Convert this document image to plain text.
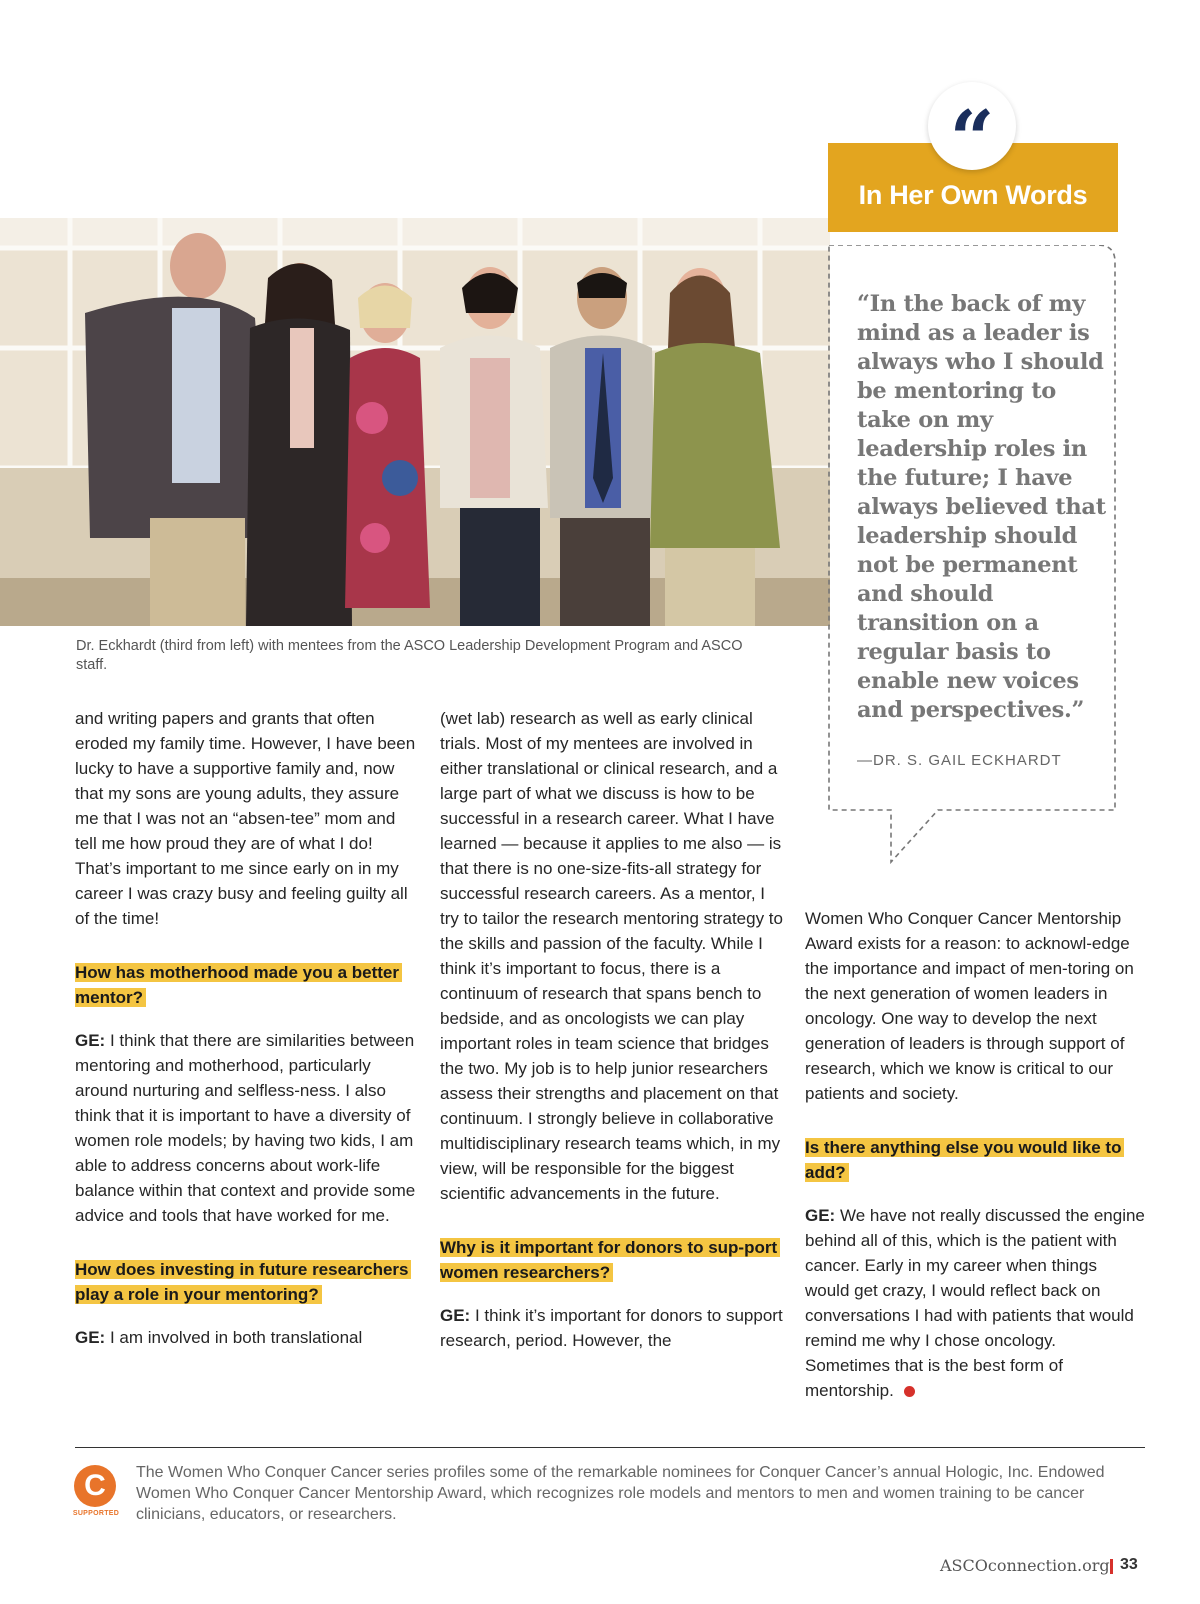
Dr. Eckhardt (third from left) with mentees from the ASCO Leadership Development Program and ASCO staff.
In Her Own Words
“
“In the back of my mind as a leader is always who I should be mentoring to take on my leadership roles in the future; I have always believed that leadership should not be permanent and should transition on a regular basis to enable new voices and perspectives.”
—DR. S. GAIL ECKHARDT

and writing papers and grants that often eroded my family time. However, I have been lucky to have a supportive family and, now that my sons are young adults, they assure me that I was not an “absen-tee” mom and tell me how proud they are of what I do! That’s important to me since early on in my career I was crazy busy and feeling guilty all of the time!

How has motherhood made you a better mentor?

GE: I think that there are similarities between mentoring and motherhood, particularly around nurturing and selfless-ness. I also think that it is important to have a diversity of women role models; by having two kids, I am able to address concerns about work-life balance within that context and provide some advice and tools that have worked for me.

How does investing in future researchers play a role in your mentoring?

GE: I am involved in both translational

(wet lab) research as well as early clinical trials. Most of my mentees are involved in either translational or clinical research, and a large part of what we discuss is how to be successful in a research career. What I have learned — because it applies to me also — is that there is no one-size-fits-all strategy for successful research careers. As a mentor, I try to tailor the research mentoring strategy to the skills and passion of the faculty. While I think it’s important to focus, there is a continuum of research that spans bench to bedside, and as oncologists we can play important roles in team science that bridges the two. My job is to help junior researchers assess their strengths and placement on that continuum. I strongly believe in collaborative multidisciplinary research teams which, in my view, will be responsible for the biggest scientific advancements in the future.

Why is it important for donors to sup-port women researchers?

GE: I think it’s important for donors to support research, period. However, the

Women Who Conquer Cancer Mentorship Award exists for a reason: to acknowl-edge the importance and impact of men-toring on the next generation of women leaders in oncology. One way to develop the next generation of leaders is through support of research, which we know is critical to our patients and society.

Is there anything else you would like to add?

GE: We have not really discussed the engine behind all of this, which is the patient with cancer. Early in my career when things would get crazy, I would reflect back on conversations I had with patients that would remind me why I chose oncology. Sometimes that is the best form of mentorship.

C
SUPPORTED
The Women Who Conquer Cancer series profiles some of the remarkable nominees for Conquer Cancer’s annual Hologic, Inc. Endowed Women Who Conquer Cancer Mentorship Award, which recognizes role models and mentors to men and women training to be cancer clinicians, educators, or researchers.
ASCOconnection.org 33
